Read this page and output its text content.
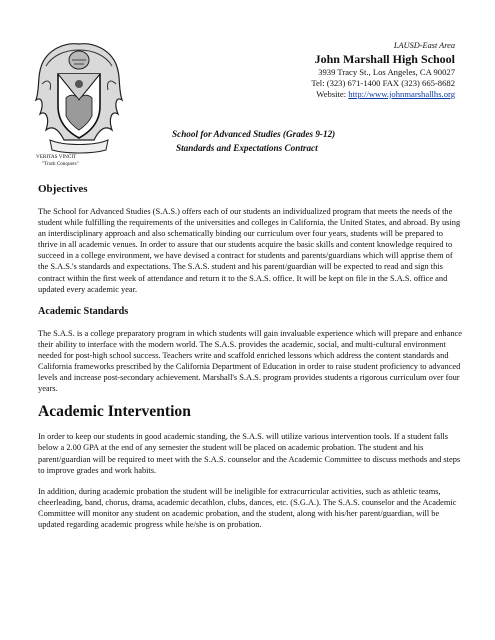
VERITAS VINCIT
"Truth Conquers"
LAUSD-East Area
John Marshall High School
3939 Tracy St., Los Angeles, CA 90027
Tel: (323) 671-1400 FAX (323) 665-8682
Website: http://www.johnmarshallhs.org
School for Advanced Studies (Grades 9-12)
Standards and Expectations Contract
Objectives

The School for Advanced Studies (S.A.S.) offers each of our students an individualized program that meets the needs of the student while fulfilling the requirements of the universities and colleges in California, the United States, and abroad. By using an interdisciplinary approach and also schematically binding our curriculum over four years, students will be prepared to thrive in all academic venues. In order to assure that our students acquire the basic skills and content knowledge required to succeed in a college environment, we have devised a contract for students and parents/guardians which will apprise them of the S.A.S.'s standards and expectations. The S.A.S. student and his parent/guardian will be expected to read and sign this contract within the first week of attendance and return it to the S.A.S. office. It will be kept on file in the S.A.S. office and updated every academic year.

Academic Standards

The S.A.S. is a college preparatory program in which students will gain invaluable experience which will prepare and enhance their ability to interface with the modern world. The S.A.S. provides the academic, social, and multi-cultural environment needed for post-high school success. Teachers write and scaffold enriched lessons which address the content standards and California frameworks prescribed by the California Department of Education in order to raise student proficiency to advanced levels and increase post-secondary achievement. Marshall's S.A.S. program provides students a rigorous curriculum over four years.

Academic Intervention

In order to keep our students in good academic standing, the S.A.S. will utilize various intervention tools. If a student falls below a 2.00 GPA at the end of any semester the student will be placed on academic probation. The student and his parent/guardian will be required to meet with the S.A.S. counselor and the Academic Committee to discuss methods and steps to improve grades and work habits.

In addition, during academic probation the student will be ineligible for extracurricular activities, such as athletic teams, cheerleading, band, chorus, drama, academic decathlon, clubs, dances, etc. (S.G.A.). The S.A.S. counselor and the Academic Committee will monitor any student on academic probation, and the student, along with his/her parent/guardian, will be updated regarding academic progress while he/she is on probation.
